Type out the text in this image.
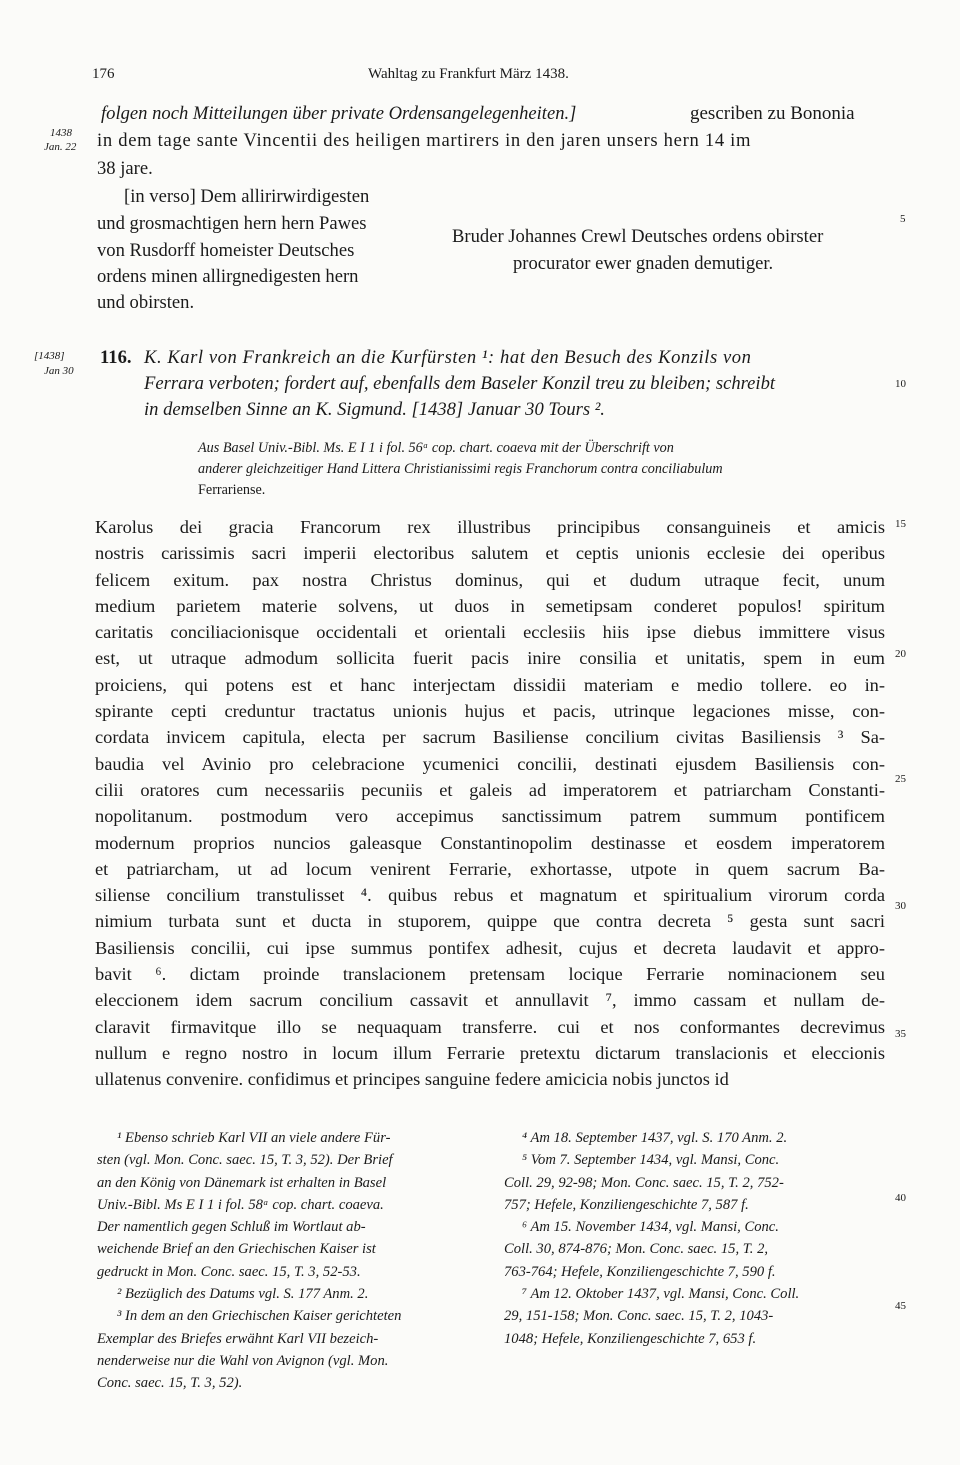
176	Wahltag zu Frankfurt März 1438.
folgen noch Mitteilungen über private Ordensangelegenheiten.]	gescriben zu Bononia
1438
Jan. 22 in dem tage sante Vincentii des heiligen martirers in den jaren unsers hern 14 im
38 jare.
[in verso] Dem allirirwirdigesten
und grosmachtigen hern hern Pawes
von Rusdorff homeister Deutsches
ordens minen allirgnedigesten hern
und obirsten.
Bruder Johannes Crewl Deutsches ordens obirster
procurator ewer gnaden demutiger.
5
[1438]
Jan 30
116. K. Karl von Frankreich an die Kurfürsten ¹: hat den Besuch des Konzils von
Ferrara verboten; fordert auf, ebenfalls dem Baseler Konzil treu zu bleiben; schreibt
in demselben Sinne an K. Sigmund. [1438] Januar 30 Tours ².
10
Aus Basel Univ.-Bibl. Ms. E I 1 i fol. 56ᵃ cop. chart. coaeva mit der Überschrift von
anderer gleichzeitiger Hand Littera Christianissimi regis Franchorum contra conciliabulum
Ferrariense.
Karolus dei gracia Francorum rex illustribus principibus consanguineis et amicis
nostris carissimis sacri imperii electoribus salutem et ceptis unionis ecclesie dei operibus
felicem exitum. pax nostra Christus dominus, qui et dudum utraque fecit, unum
medium parietem materie solvens, ut duos in semetipsam conderet populos! spiritum
caritatis conciliacionisque occidentali et orientali ecclesiis hiis ipse diebus immittere visus
est, ut utraque admodum sollicita fuerit pacis inire consilia et unitatis, spem in eum
proiciens, qui potens est et hanc interjectam dissidii materiam e medio tollere. eo in-
spirante cepti creduntur tractatus unionis hujus et pacis, utrinque legaciones misse, con-
cordata invicem capitula, electa per sacrum Basiliense concilium civitas Basiliensis ³ Sa-
baudia vel Avinio pro celebracione ycumenici concilii, destinati ejusdem Basiliensis con-
cilii oratores cum necessariis pecuniis et galeis ad imperatorem et patriarcham Constanti-
nopolitanum. postmodum vero accepimus sanctissimum patrem summum pontificem
modernum proprios nuncios galeasque Constantinopolim destinasse et eosdem imperatorem
et patriarcham, ut ad locum venirent Ferrarie, exhortasse, utpote in quem sacrum Ba-
siliense concilium transtulisset ⁴. quibus rebus et magnatum et spiritualium virorum corda
nimium turbata sunt et ducta in stuporem, quippe que contra decreta ⁵ gesta sunt sacri
Basiliensis concilii, cui ipse summus pontifex adhesit, cujus et decreta laudavit et appro-
bavit ⁶. dictam proinde translacionem pretensam locique Ferrarie nominacionem seu
eleccionem idem sacrum concilium cassavit et annullavit ⁷, immo cassam et nullam de-
claravit firmavitque illo se nequaquam transferre. cui et nos conformantes decrevimus
nullum e regno nostro in locum illum Ferrarie pretextu dictarum translacionis et eleccionis
ullatenus convenire. confidimus et principes sanguine federe amicicia nobis junctos id
15
20
25
30
35
40
45
¹ Ebenso schrieb Karl VII an viele andere Für-
sten (vgl. Mon. Conc. saec. 15, T. 3, 52). Der Brief
an den König von Dänemark ist erhalten in Basel
Univ.-Bibl. Ms E I 1 i fol. 58ᵃ cop. chart. coaeva.
Der namentlich gegen Schluß im Wortlaut ab-
weichende Brief an den Griechischen Kaiser ist
gedruckt in Mon. Conc. saec. 15, T. 3, 52-53.
² Bezüglich des Datums vgl. S. 177 Anm. 2.
³ In dem an den Griechischen Kaiser gerichteten
Exemplar des Briefes erwähnt Karl VII bezeich-
nenderweise nur die Wahl von Avignon (vgl. Mon.
Conc. saec. 15, T. 3, 52).
⁴ Am 18. September 1437, vgl. S. 170 Anm. 2.
⁵ Vom 7. September 1434, vgl. Mansi, Conc.
Coll. 29, 92-98; Mon. Conc. saec. 15, T. 2, 752-
757; Hefele, Konziliengeschichte 7, 587 f.
⁶ Am 15. November 1434, vgl. Mansi, Conc.
Coll. 30, 874-876; Mon. Conc. saec. 15, T. 2,
763-764; Hefele, Konziliengeschichte 7, 590 f.
⁷ Am 12. Oktober 1437, vgl. Mansi, Conc. Coll.
29, 151-158; Mon. Conc. saec. 15, T. 2, 1043-
1048; Hefele, Konziliengeschichte 7, 653 f.
